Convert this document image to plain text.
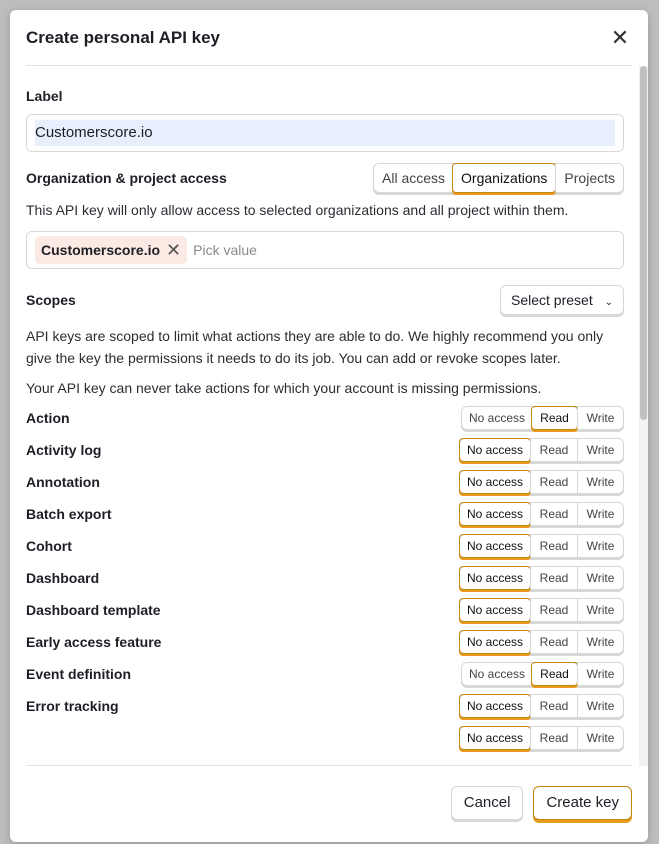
Create personal API key	✕
Label
Customerscore.io
Organization & project access	All access	Organizations	Projects
This API key will only allow access to selected organizations and all project within them.
Customerscore.io ✕ Pick value
Scopes	Select preset ⌄
API keys are scoped to limit what actions they are able to do. We highly recommend you only give the key the permissions it needs to do its job. You can add or revoke scopes later.
Your API key can never take actions for which your account is missing permissions.
Action	No access	Read	Write
Activity log	No access	Read	Write
Annotation	No access	Read	Write
Batch export	No access	Read	Write
Cohort	No access	Read	Write
Dashboard	No access	Read	Write
Dashboard template	No access	Read	Write
Early access feature	No access	Read	Write
Event definition	No access	Read	Write
Error tracking	No access	Read	Write
No access	Read	Write
Cancel	Create key
